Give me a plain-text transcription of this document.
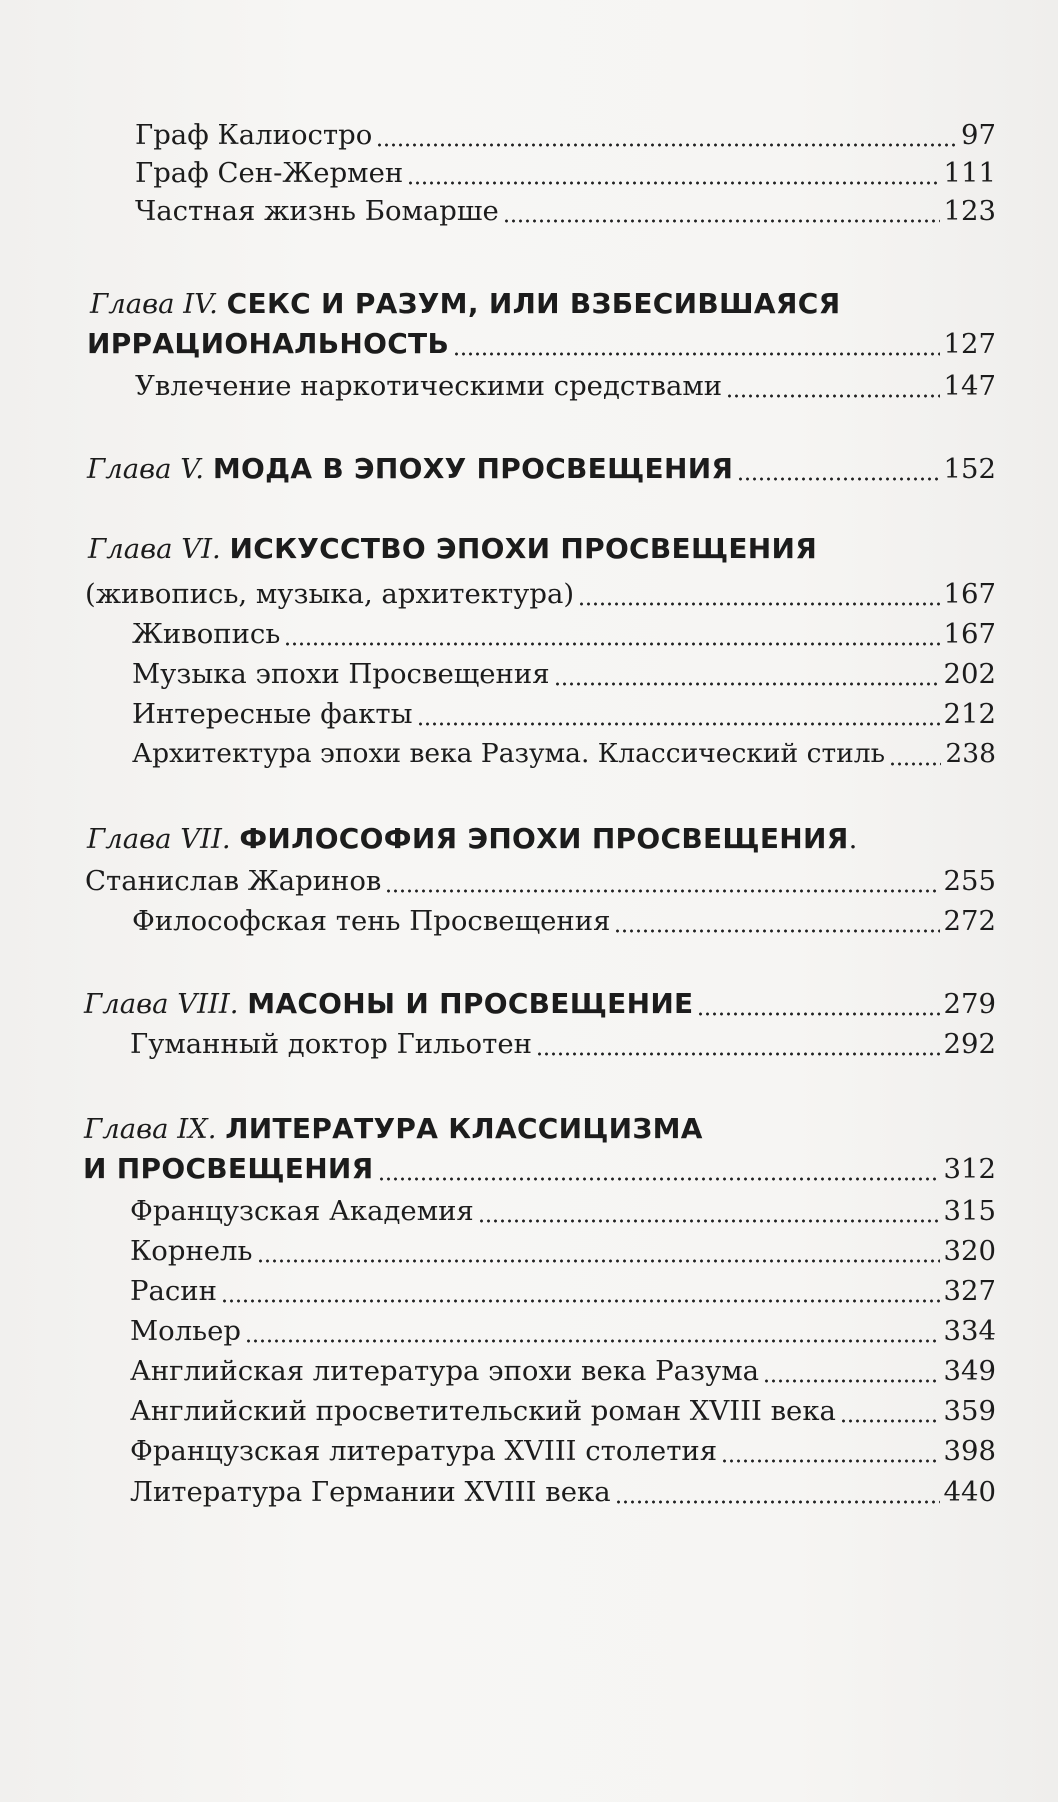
Граф Калиостро	97
Граф Сен-Жермен	111
Частная жизнь Бомарше	123
Глава IV. СЕКС И РАЗУМ, ИЛИ ВЗБЕСИВШАЯСЯ
ИРРАЦИОНАЛЬНОСТЬ	127
Увлечение наркотическими средствами	147
Глава V. МОДА В ЭПОХУ ПРОСВЕЩЕНИЯ	152
Глава VI. ИСКУССТВО ЭПОХИ ПРОСВЕЩЕНИЯ
(живопись, музыка, архитектура)	167
Живопись	167
Музыка эпохи Просвещения	202
Интересные факты	212
Архитектура эпохи века Разума. Классический стиль 238
Глава VII. ФИЛОСОФИЯ ЭПОХИ ПРОСВЕЩЕНИЯ.
Станислав Жаринов	255
Философская тень Просвещения	272
Глава VIII. МАСОНЫ И ПРОСВЕЩЕНИЕ	279
Гуманный доктор Гильотен	292
Глава IX. ЛИТЕРАТУРА КЛАССИЦИЗМА
И ПРОСВЕЩЕНИЯ	312
Французская Академия	315
Корнель	320
Расин	327
Мольер	334
Английская литература эпохи века Разума	349
Английский просветительский роман XVIII века	359
Французская литература XVIII столетия	398
Литература Германии XVIII века	440
